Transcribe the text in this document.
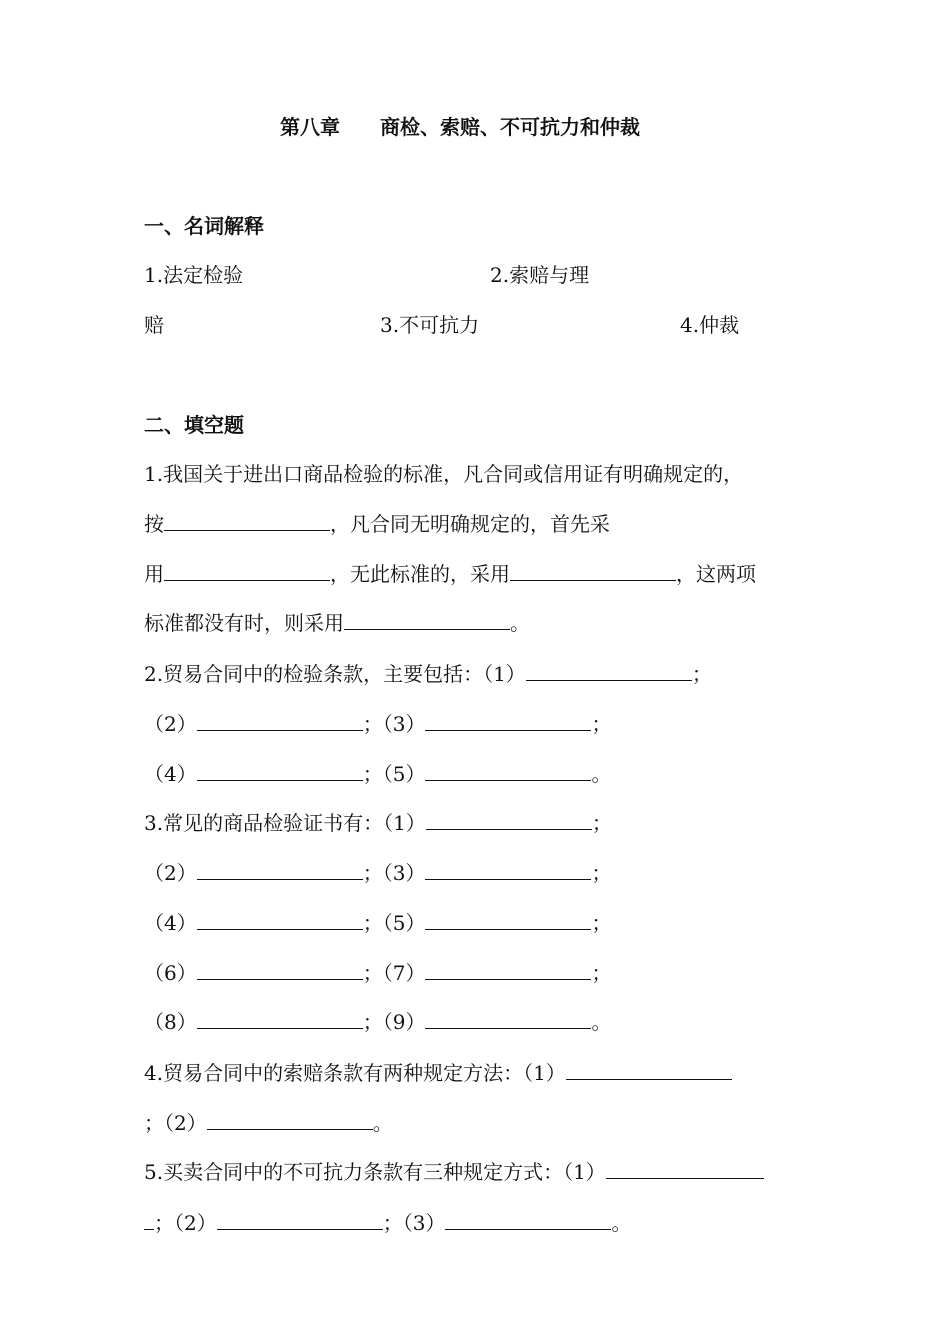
第八章　　商检、索赔、不可抗力和仲裁
一、名词解释
1.法定检验	2.索赔与理
赔	3.不可抗力	4.仲裁
二、填空题
1.我国关于进出口商品检验的标准，凡合同或信用证有明确规定的，
按	，凡合同无明确规定的，首先采
用	，无此标准的，采用	，这两项
标准都没有时，则采用	。
2.贸易合同中的检验条款，主要包括：（1）	；
（2）	；（3）	；
（4）	；（5）	。
3.常见的商品检验证书有：（1）	；
（2）	；（3）	；
（4）	；（5）	；
（6）	；（7）	；
（8）	；（9）	。
4.贸易合同中的索赔条款有两种规定方法：（1）
；（2）	。
5.买卖合同中的不可抗力条款有三种规定方式：（1）
；（2）	；（3）	。
